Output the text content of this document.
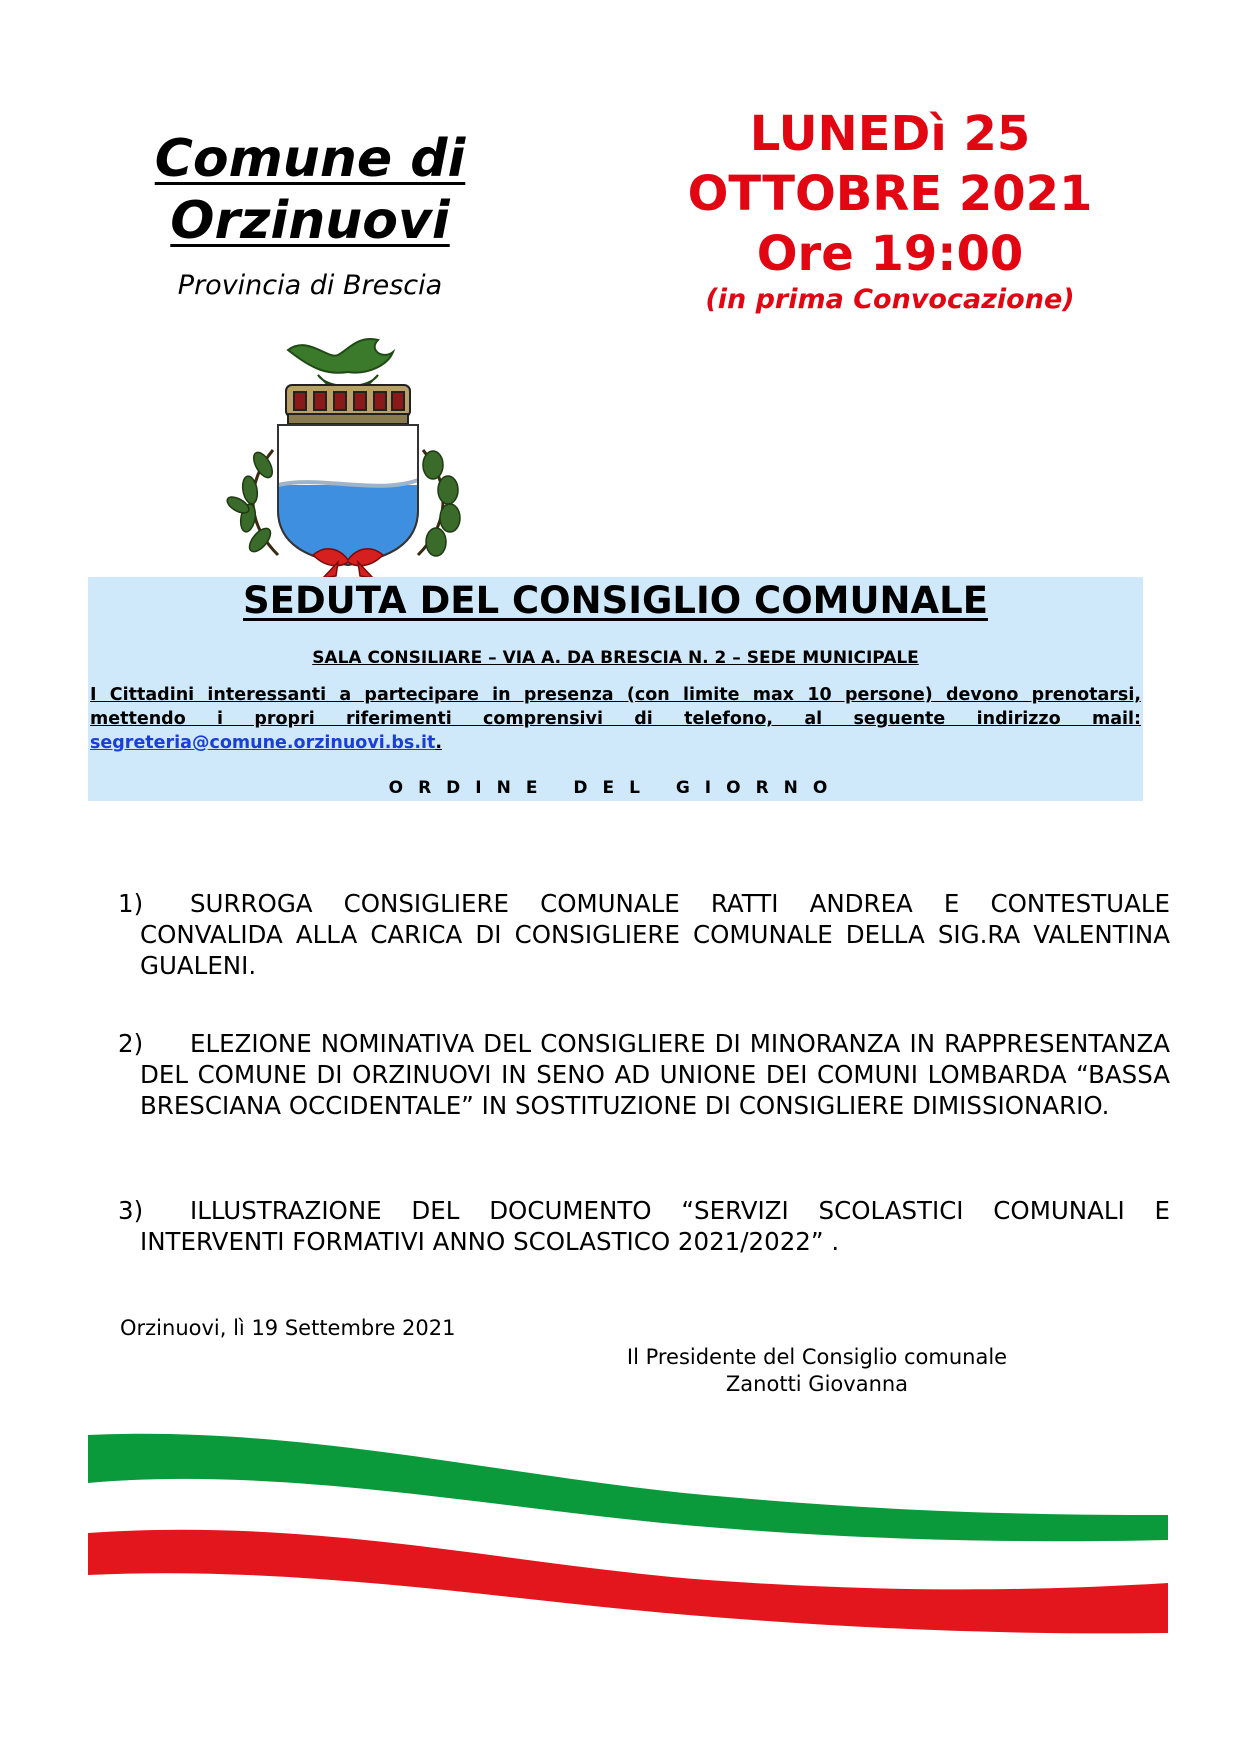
Comune di Orzinuovi
Provincia di Brescia
LUNEDì 25
OTTOBRE 2021
Ore 19:00
(in prima Convocazione)
SEDUTA DEL CONSIGLIO COMUNALE
SALA CONSILIARE – VIA A. DA BRESCIA N. 2 – SEDE MUNICIPALE
I Cittadini interessanti a partecipare in presenza (con limite max 10 persone) devono prenotarsi, mettendo i propri riferimenti comprensivi di telefono, al seguente indirizzo mail: segreteria@comune.orzinuovi.bs.it.
ORDINE DEL GIORNO
1) SURROGA CONSIGLIERE COMUNALE RATTI ANDREA E CONTESTUALE CONVALIDA ALLA CARICA DI CONSIGLIERE COMUNALE DELLA SIG.RA VALENTINA GUALENI.
2) ELEZIONE NOMINATIVA DEL CONSIGLIERE DI MINORANZA IN RAPPRESENTANZA DEL COMUNE DI ORZINUOVI IN SENO AD UNIONE DEI COMUNI LOMBARDA “BASSA BRESCIANA OCCIDENTALE” IN SOSTITUZIONE DI CONSIGLIERE DIMISSIONARIO.
3) ILLUSTRAZIONE DEL DOCUMENTO “SERVIZI SCOLASTICI COMUNALI E INTERVENTI FORMATIVI ANNO SCOLASTICO 2021/2022” .
Orzinuovi, lì 19 Settembre 2021
Il Presidente del Consiglio comunale
Zanotti Giovanna
